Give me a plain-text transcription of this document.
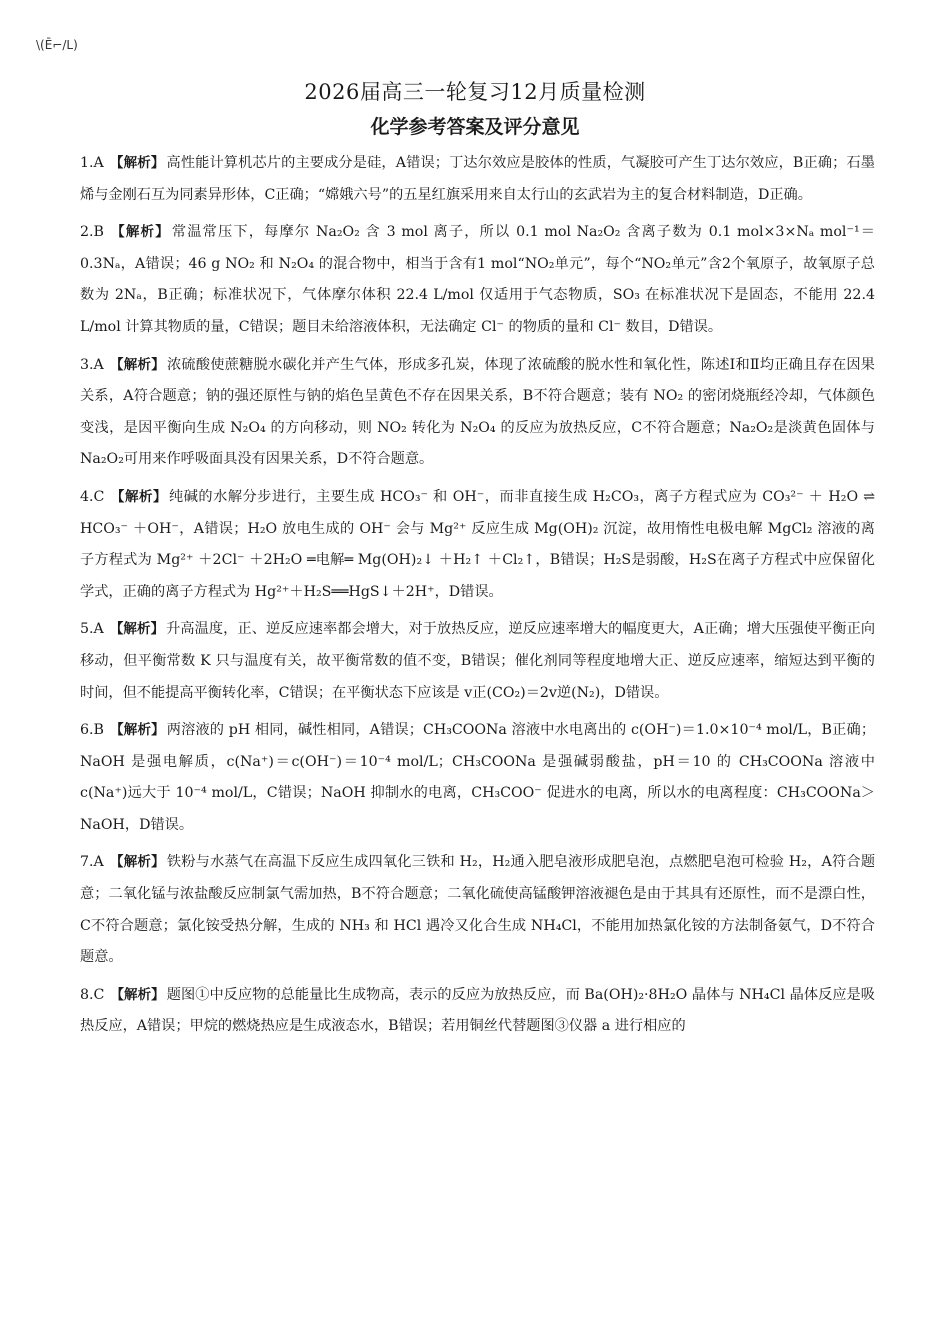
\(Ē⌐/L)
2026届高三一轮复习12月质量检测
化学参考答案及评分意见

1.A 【解析】 高性能计算机芯片的主要成分是硅，A错误；丁达尔效应是胶体的性质，气凝胶可产生丁达尔效应，B正确；石墨烯与金刚石互为同素异形体，C正确；“嫦娥六号”的五星红旗采用来自太行山的玄武岩为主的复合材料制造，D正确。

2.B 【解析】 常温常压下，每摩尔 Na₂O₂ 含 3 mol 离子，所以 0.1 mol Na₂O₂ 含离子数为 0.1 mol×3×Nₐ mol⁻¹＝0.3Nₐ，A错误；46 g NO₂ 和 N₂O₄ 的混合物中，相当于含有1 mol“NO₂单元”，每个“NO₂单元”含2个氧原子，故氧原子总数为 2Nₐ，B正确；标准状况下，气体摩尔体积 22.4 L/mol 仅适用于气态物质，SO₃ 在标准状况下是固态，不能用 22.4 L/mol 计算其物质的量，C错误；题目未给溶液体积，无法确定 Cl⁻ 的物质的量和 Cl⁻ 数目，D错误。

3.A 【解析】 浓硫酸使蔗糖脱水碳化并产生气体，形成多孔炭，体现了浓硫酸的脱水性和氧化性，陈述Ⅰ和Ⅱ均正确且存在因果关系，A符合题意；钠的强还原性与钠的焰色呈黄色不存在因果关系，B不符合题意；装有 NO₂ 的密闭烧瓶经冷却，气体颜色变浅，是因平衡向生成 N₂O₄ 的方向移动，则 NO₂ 转化为 N₂O₄ 的反应为放热反应，C不符合题意；Na₂O₂是淡黄色固体与 Na₂O₂可用来作呼吸面具没有因果关系，D不符合题意。

4.C 【解析】 纯碱的水解分步进行，主要生成 HCO₃⁻ 和 OH⁻，而非直接生成 H₂CO₃，离子方程式应为 CO₃²⁻ ＋ H₂O ⇌ HCO₃⁻ ＋OH⁻，A错误；H₂O 放电生成的 OH⁻ 会与 Mg²⁺ 反应生成 Mg(OH)₂ 沉淀，故用惰性电极电解 MgCl₂ 溶液的离子方程式为 Mg²⁺ ＋2Cl⁻ ＋2H₂O ═电解═ Mg(OH)₂↓ ＋H₂↑ ＋Cl₂↑，B错误；H₂S是弱酸，H₂S在离子方程式中应保留化学式，正确的离子方程式为 Hg²⁺＋H₂S══HgS↓＋2H⁺，D错误。

5.A 【解析】 升高温度，正、逆反应速率都会增大，对于放热反应，逆反应速率增大的幅度更大，A正确；增大压强使平衡正向移动，但平衡常数 K 只与温度有关，故平衡常数的值不变，B错误；催化剂同等程度地增大正、逆反应速率，缩短达到平衡的时间，但不能提高平衡转化率，C错误；在平衡状态下应该是 v正(CO₂)＝2v逆(N₂)，D错误。

6.B 【解析】 两溶液的 pH 相同，碱性相同，A错误；CH₃COONa 溶液中水电离出的 c(OH⁻)＝1.0×10⁻⁴ mol/L，B正确；NaOH 是强电解质，c(Na⁺)＝c(OH⁻)＝10⁻⁴ mol/L；CH₃COONa 是强碱弱酸盐，pH＝10 的 CH₃COONa 溶液中 c(Na⁺)远大于 10⁻⁴ mol/L，C错误；NaOH 抑制水的电离，CH₃COO⁻ 促进水的电离，所以水的电离程度：CH₃COONa＞NaOH，D错误。

7.A 【解析】 铁粉与水蒸气在高温下反应生成四氧化三铁和 H₂，H₂通入肥皂液形成肥皂泡，点燃肥皂泡可检验 H₂，A符合题意；二氧化锰与浓盐酸反应制氯气需加热，B不符合题意；二氧化硫使高锰酸钾溶液褪色是由于其具有还原性，而不是漂白性，C不符合题意；氯化铵受热分解，生成的 NH₃ 和 HCl 遇冷又化合生成 NH₄Cl，不能用加热氯化铵的方法制备氨气，D不符合题意。

8.C 【解析】 题图①中反应物的总能量比生成物高，表示的反应为放热反应，而 Ba(OH)₂·8H₂O 晶体与 NH₄Cl 晶体反应是吸热反应，A错误；甲烷的燃烧热应是生成液态水，B错误；若用铜丝代替题图③仪器 a 进行相应的
